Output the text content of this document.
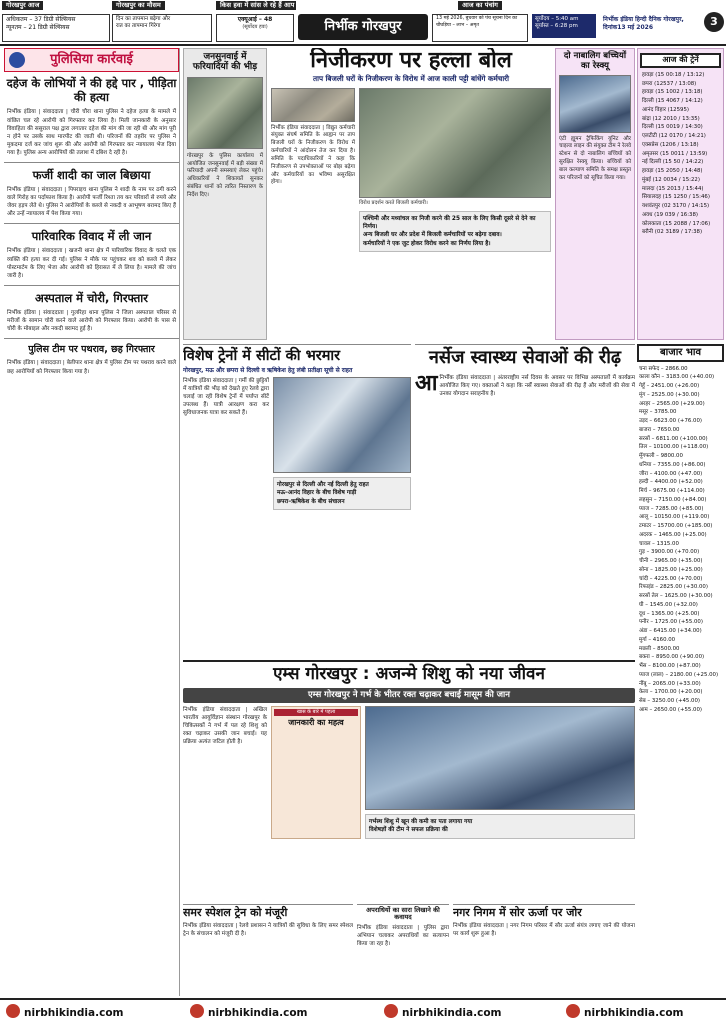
गोरखपुर आज
अधिकतम – 37 डिग्री सेल्सियस
न्यूनतम – 21 डिग्री सेल्सियस
गोरखपुर का मौसम
दिन का तापमान बढ़ेगा और
रात का तापमान गिरेगा
किस हवा में सांस ले रहे हैं आप
एक्यूआई – 48
(सूर्योदय हवा)	निर्भीक गोरखपुर
आज का पंचांग
13 मई 2026, बुधवार को पंच सूचना दिन का चौघड़िया – लाभ – अमृत
सूर्योदय – 5:40 am
सूर्यास्त – 6:28 pm
निर्भीक इंडिया हिन्दी दैनिक गोरखपुर, दिनांक13 मई 2026	3
पुलिसिया कार्रवाई
दहेज के लोभियों ने की हद्दे पार , पीड़िता की हत्या

निर्भीक इंडिया | संवाददाता | चौरी चौरा थाना पुलिस ने दहेज हत्या के मामले में वांछित चल रहे आरोपी को गिरफ्तार कर लिया है। मिली जानकारी के अनुसार विवाहिता की ससुराल पक्ष द्वारा लगातार दहेज की मांग की जा रही थी और मांग पूरी न होने पर उसके साथ मारपीट की जाती थी। परिजनों की तहरीर पर पुलिस ने मुकदमा दर्ज कर जांच शुरू की और आरोपी को गिरफ्तार कर न्यायालय भेज दिया गया है। पुलिस अन्य आरोपियों की तलाश में दबिश दे रही है।

फर्जी शादी का जाल बिछाया

निर्भीक इंडिया | संवाददाता | पिपराइच थाना पुलिस ने शादी के नाम पर ठगी करने वाले गिरोह का पर्दाफाश किया है। आरोपी फर्जी रिश्ता तय कर परिवारों से रुपये और जेवर हड़प लेते थे। पुलिस ने आरोपियों के कब्जे से नकदी व आभूषण बरामद किए हैं और उन्हें न्यायालय में पेश किया गया।

पारिवारिक विवाद में ली जान

निर्भीक इंडिया | संवाददाता | खजनी थाना क्षेत्र में पारिवारिक विवाद के चलते एक व्यक्ति की हत्या कर दी गई। पुलिस ने मौके पर पहुंचकर शव को कब्जे में लेकर पोस्टमार्टम के लिए भेजा और आरोपी को हिरासत में ले लिया है। मामले की जांच जारी है।

अस्पताल में चोरी, गिरफ्तार

निर्भीक इंडिया | संवाददाता | गुलरिहा थाना पुलिस ने जिला अस्पताल परिसर से मरीजों के सामान चोरी करने वाले आरोपी को गिरफ्तार किया। आरोपी के पास से चोरी के मोबाइल और नकदी बरामद हुई है।

पुलिस टीम पर पथराव, छह गिरफ्तार

निर्भीक इंडिया | संवाददाता | बेलीपार थाना क्षेत्र में पुलिस टीम पर पथराव करने वाले छह आरोपियों को गिरफ्तार किया गया है।

जनसुनवाई में फरियादियों की भीड़
गोरखपुर के पुलिस कार्यालय में आयोजित जनसुनवाई में बड़ी संख्या में फरियादी अपनी समस्याएं लेकर पहुंचे। अधिकारियों ने शिकायतें सुनकर संबंधित थानों को त्वरित निस्तारण के निर्देश दिए।
निजीकरण पर हल्ला बोल
ताप बिजली घरों के निजीकरण के विरोध में आज काली पट्टी बांधेंगे कर्मचारी
निर्भीक इंडिया संवाददाता | विद्युत कर्मचारी संयुक्त संघर्ष समिति के आह्वान पर ताप बिजली घरों के निजीकरण के विरोध में कर्मचारियों ने आंदोलन तेज कर दिया है। समिति के पदाधिकारियों ने कहा कि निजीकरण से उपभोक्ताओं पर बोझ बढ़ेगा और कर्मचारियों का भविष्य असुरक्षित होगा।
विरोध प्रदर्शन करते बिजली कर्मचारी।
पश्चिमी और मध्यांचल का निजी करने की 25 साल के लिए किसी दूसरे से देने का निर्णय।
अन्य बिजली घर और प्रदेश में बिजली कर्मचारियों पर बढ़ेगा दबाव।
कर्मचारियों ने एक जुट होकर विरोध करने का निर्णय लिया है।
दो नाबालिग बच्चियों का रेस्क्यू
एंटी ह्यूमन ट्रैफिकिंग यूनिट और चाइल्ड लाइन की संयुक्त टीम ने रेलवे स्टेशन से दो नाबालिग बच्चियों को सुरक्षित रेस्क्यू किया। बच्चियों को बाल कल्याण समिति के समक्ष प्रस्तुत कर परिजनों को सूचित किया गया।
विशेष ट्रेनों में सीटों की भरमार
गोरखपुर, मऊ और छपरा से दिल्ली व ऋषिकेश हेतु लंबी प्रतीक्षा सूची से राहत
निर्भीक इंडिया संवाददाता | गर्मी की छुट्टियों में यात्रियों की भीड़ को देखते हुए रेलवे द्वारा चलाई जा रही विशेष ट्रेनों में पर्याप्त सीटें उपलब्ध हैं। यात्री आरक्षण करा कर सुविधाजनक यात्रा कर सकते हैं।
गोरखपुर से दिल्ली और नई दिल्ली हेतु राहत
मऊ–आनंद विहार के बीच विशेष गाड़ी
छपरा–ऋषिकेश के बीच संचालन
नर्सेज स्वास्थ्य सेवाओं की रीढ़
आ निर्भीक इंडिया संवाददाता | अंतरराष्ट्रीय नर्स दिवस के अवसर पर विभिन्न अस्पतालों में कार्यक्रम आयोजित किए गए। वक्ताओं ने कहा कि नर्सें स्वास्थ्य सेवाओं की रीढ़ हैं और मरीजों की सेवा में उनका योगदान सराहनीय है।
एम्स गोरखपुर : अजन्मे शिशु को नया जीवन
एम्स गोरखपुर ने गर्भ के भीतर रक्त चढ़ाकर बचाई मासूम की जान
निर्भीक इंडिया संवाददाता | अखिल भारतीय आयुर्विज्ञान संस्थान गोरखपुर के चिकित्सकों ने गर्भ में पल रहे शिशु को रक्त चढ़ाकर उसकी जान बचाई। यह प्रक्रिया अत्यंत जटिल होती है।
खास के बारे में पहला
जानकारी का महत्व
गर्भस्थ शिशु में खून की कमी का पता लगाया गया
विशेषज्ञों की टीम ने सफल प्रक्रिया की
समर स्पेशल ट्रेन को मंजूरी
निर्भीक इंडिया संवाददाता | रेलवे प्रशासन ने यात्रियों की सुविधा के लिए समर स्पेशल ट्रेन के संचालन को मंजूरी दी है।
अपराधियों का सारा लिखाने की कवायद
निर्भीक इंडिया संवाददाता | पुलिस द्वारा अभियान चलाकर अपराधियों का सत्यापन किया जा रहा है।
नगर निगम में सोर ऊर्जा पर जोर
निर्भीक इंडिया संवाददाता | नगर निगम परिसर में सौर ऊर्जा संयंत्र लगाए जाने की योजना पर कार्य शुरू हुआ है।
आज की ट्रेनें
हावड़ा (15 00:18 / 13:12)
छपरा (12537 / 13:08)
हावड़ा (15 1002 / 13:18)
दिल्ली (15 4067 / 14:12)
आनंद विहार (12595)
बांद्रा (12 2010 / 13:35)
दिल्ली (15 0019 / 14:30)
एलटीटी (12 0170 / 14:21)
एक्सप्रेस (1206 / 13:18)
अमृतसर (15 0011 / 13:59)
नई दिल्ली (15 50 / 14:22)
हावड़ा (15 2050 / 14:48)
मुंबई (12 0034 / 15:22)
मालदा (15 2013 / 15:44)
सियालदह (15 1250 / 15:46)
यशवंतपुर (02 3170 / 14:15)
अवध (19 039 / 16:38)
कोलकाता (15 2088 / 17:06)
बरौनी (02 3189 / 17:38)
बाजार भाव
चना सफेद – 2866.00
काला कौन – 3183.00 (+40.00)
गेहूँ – 2451.00 (+26.00)
मूंग – 2525.00 (+30.00)
अरहर – 2565.00 (+29.00)
मसूर – 3785.00
उड़द – 6623.00 (+76.00)
बाजरा – 7650.00
सरसों – 6811.00 (+100.00)
तिल – 10100.00 (+118.00)
मूँगफली – 9800.00
धनिया – 7355.00 (+86.00)
जीरा – 4100.00 (+47.00)
हल्दी – 4400.00 (+52.00)
मिर्च – 9675.00 (+114.00)
लहसुन – 7150.00 (+84.00)
प्याज – 7285.00 (+85.00)
आलू – 10150.00 (+119.00)
टमाटर – 15700.00 (+185.00)
अदरक – 1465.00 (+25.00)
चावल – 1315.00
गुड़ – 3900.00 (+70.00)
चीनी – 2965.00 (+35.00)
सोना – 1825.00 (+25.00)
चांदी – 4225.00 (+70.00)
रिफाइंड – 2825.00 (+30.00)
सरसों तेल – 1625.00 (+30.00)
घी – 1545.00 (+32.00)
दूध – 1365.00 (+25.00)
पनीर – 1725.00 (+55.00)
अंडा – 6415.00 (+34.00)
मुर्गा – 4160.00
मछली – 8500.00
बकरा – 8950.00 (+90.00)
भैंस – 8100.00 (+87.00)
प्याज (लाल) – 2180.00 (+25.00)
नींबू – 2065.00 (+33.00)
केला – 1700.00 (+20.00)
सेब – 3250.00 (+45.00)
आम – 2650.00 (+55.00)
nirbhikindia.com	nirbhikindia.com	nirbhikindia.com	nirbhikindia.com
